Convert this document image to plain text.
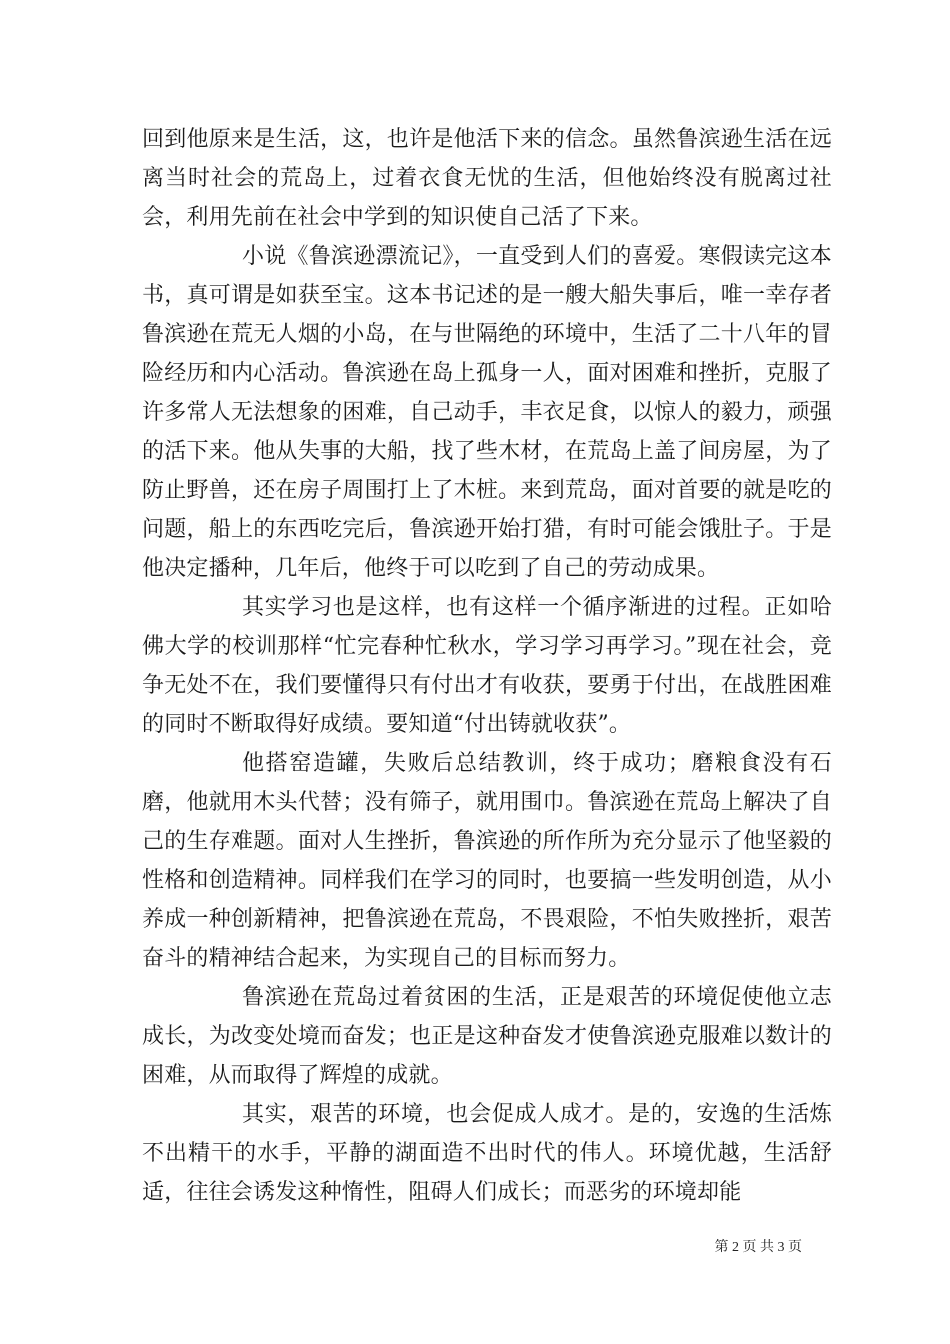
回到他原来是生活，这，也许是他活下来的信念。虽然鲁滨逊生活在远离当时社会的荒岛上，过着衣食无忧的生活，但他始终没有脱离过社会，利用先前在社会中学到的知识使自己活了下来。

小说《鲁滨逊漂流记》，一直受到人们的喜爱。寒假读完这本书，真可谓是如获至宝。这本书记述的是一艘大船失事后，唯一幸存者鲁滨逊在荒无人烟的小岛，在与世隔绝的环境中，生活了二十八年的冒险经历和内心活动。鲁滨逊在岛上孤身一人，面对困难和挫折，克服了许多常人无法想象的困难，自己动手，丰衣足食，以惊人的毅力，顽强的活下来。他从失事的大船，找了些木材，在荒岛上盖了间房屋，为了防止野兽，还在房子周围打上了木桩。来到荒岛，面对首要的就是吃的问题，船上的东西吃完后，鲁滨逊开始打猎，有时可能会饿肚子。于是他决定播种，几年后，他终于可以吃到了自己的劳动成果。

其实学习也是这样，也有这样一个循序渐进的过程。正如哈佛大学的校训那样“忙完春种忙秋水，学习学习再学习。”现在社会，竞争无处不在，我们要懂得只有付出才有收获，要勇于付出，在战胜困难的同时不断取得好成绩。要知道“付出铸就收获”。

他搭窑造罐，失败后总结教训，终于成功；磨粮食没有石磨，他就用木头代替；没有筛子，就用围巾。鲁滨逊在荒岛上解决了自己的生存难题。面对人生挫折，鲁滨逊的所作所为充分显示了他坚毅的性格和创造精神。同样我们在学习的同时，也要搞一些发明创造，从小养成一种创新精神，把鲁滨逊在荒岛，不畏艰险，不怕失败挫折，艰苦奋斗的精神结合起来，为实现自己的目标而努力。

鲁滨逊在荒岛过着贫困的生活，正是艰苦的环境促使他立志成长，为改变处境而奋发；也正是这种奋发才使鲁滨逊克服难以数计的困难，从而取得了辉煌的成就。

其实，艰苦的环境，也会促成人成才。是的，安逸的生活炼不出精干的水手，平静的湖面造不出时代的伟人。环境优越，生活舒适，往往会诱发这种惰性，阻碍人们成长；而恶劣的环境却能

第 2 页 共 3 页
